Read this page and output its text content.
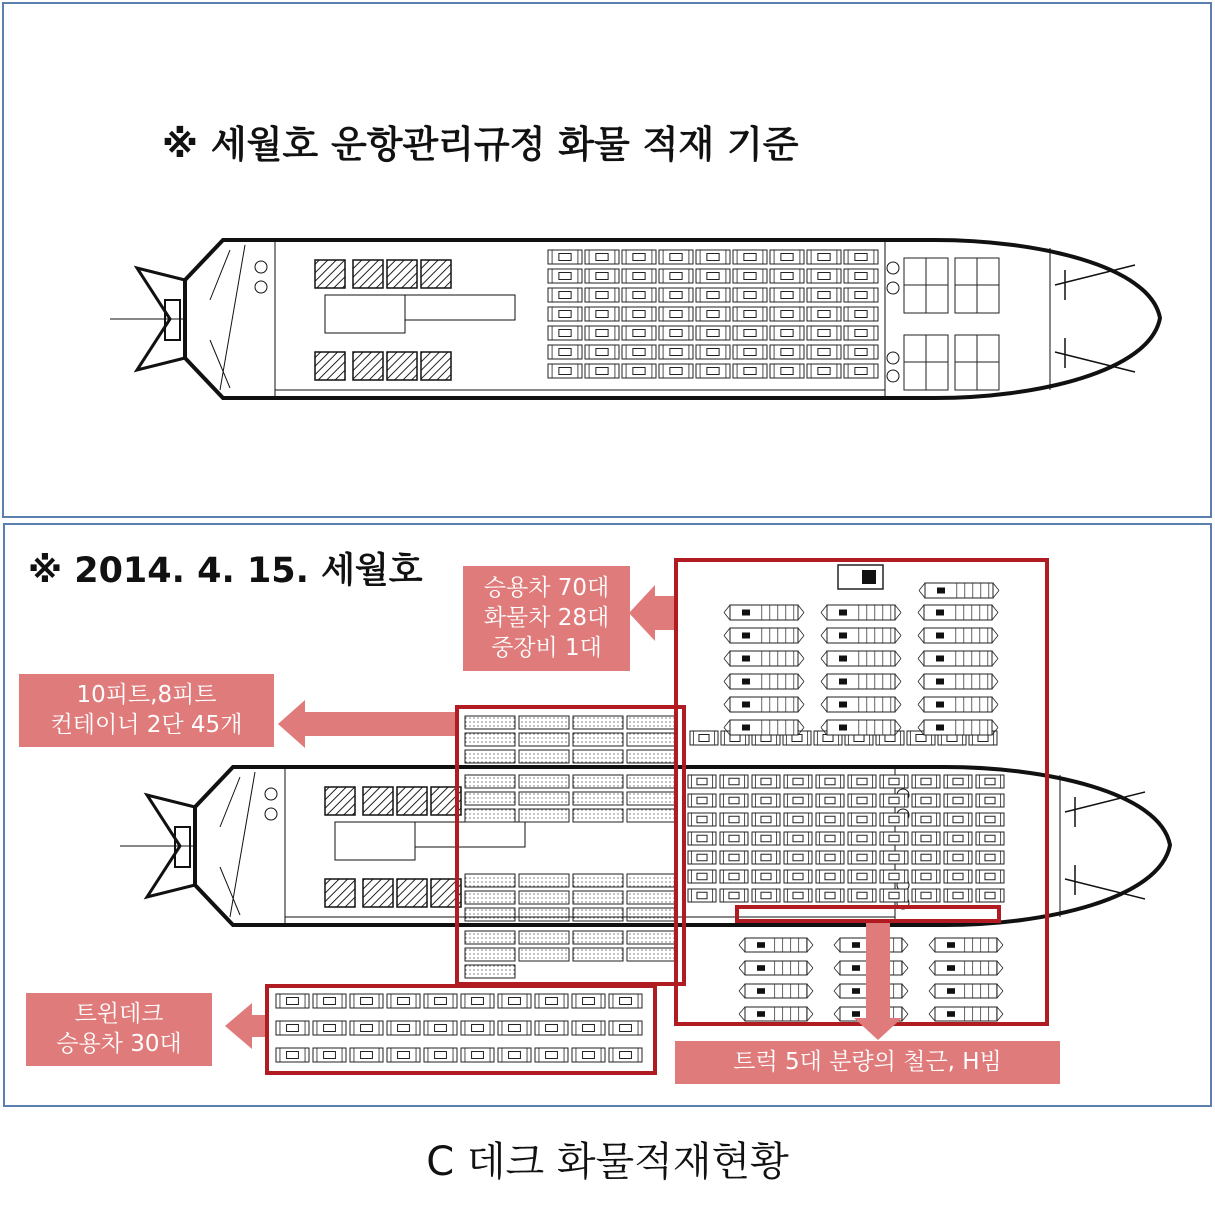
※ 세월호 운항관리규정 화물 적재 기준
※ 2014. 4. 15. 세월호	승용차 70대
화물차 28대
중장비 1대
10피트,8피트
컨테이너 2단 45개
트윈데크
승용차 30대
트럭 5대 분량의 철근, H빔
C 데크 화물적재현황
